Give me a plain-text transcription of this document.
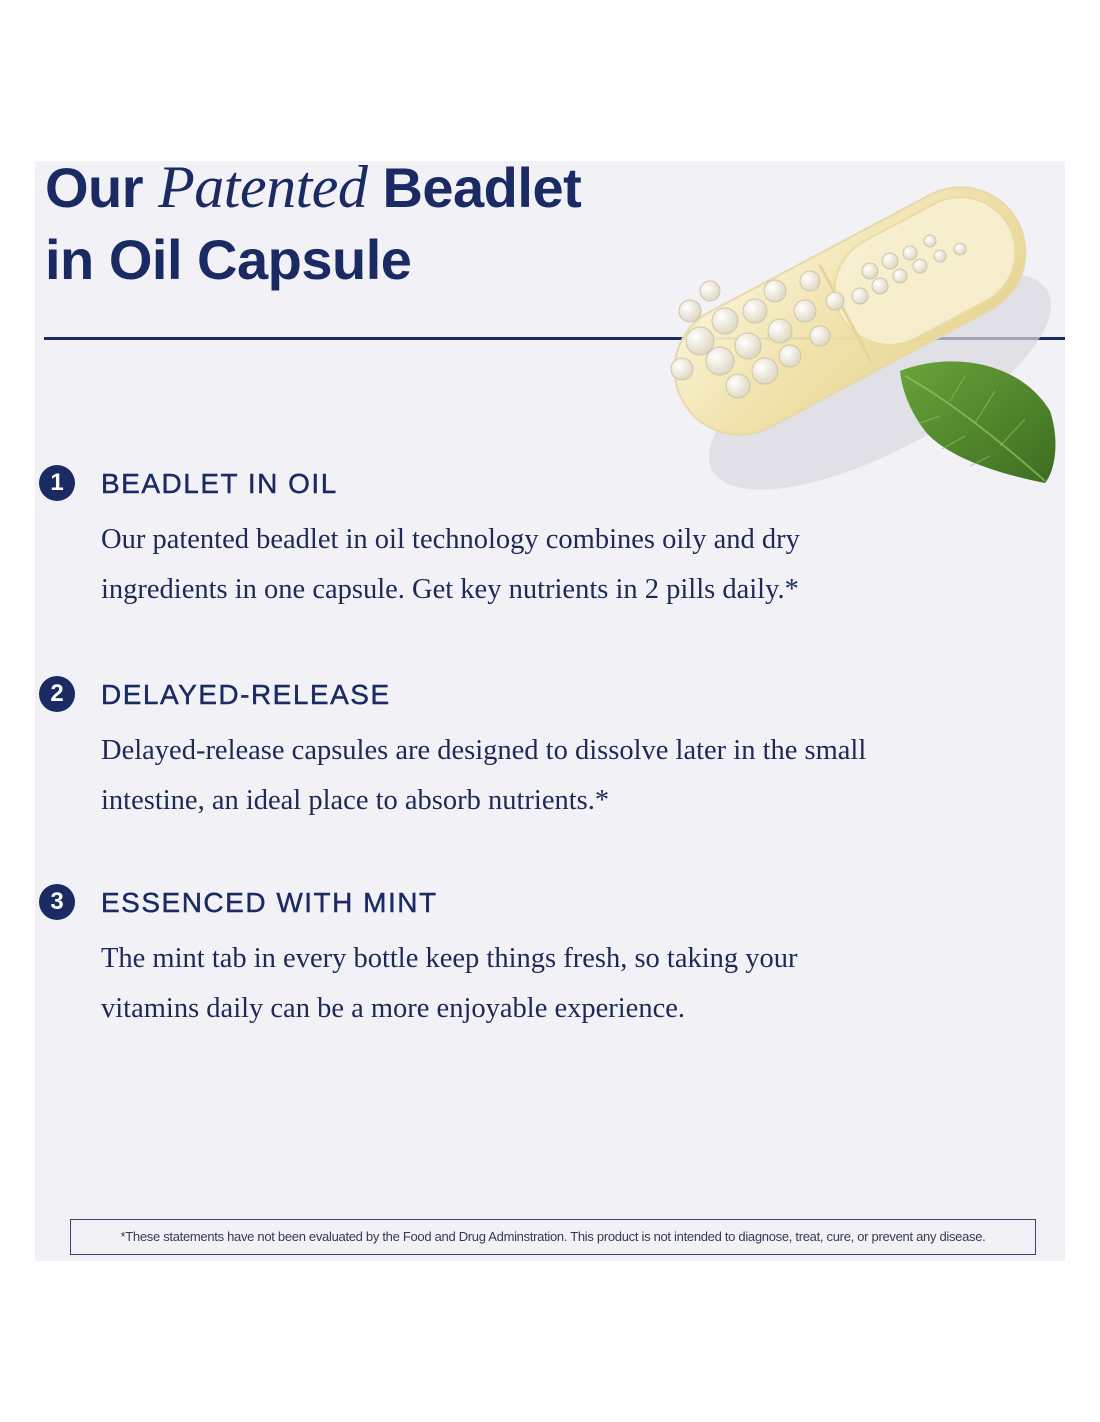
Our Patented Beadlet
in Oil Capsule
1	BEADLET IN OIL

Our patented beadlet in oil technology combines oily and dry ingredients in one capsule. Get key nutrients in 2 pills daily.*

2	DELAYED-RELEASE

Delayed-release capsules are designed to dissolve later in the small intestine, an ideal place to absorb nutrients.*

3	ESSENCED WITH MINT

The mint tab in every bottle keep things fresh, so taking your vitamins daily can be a more enjoyable experience.

*These statements have not been evaluated by the Food and Drug Adminstration. This product is not intended to diagnose, treat, cure, or prevent any disease.
